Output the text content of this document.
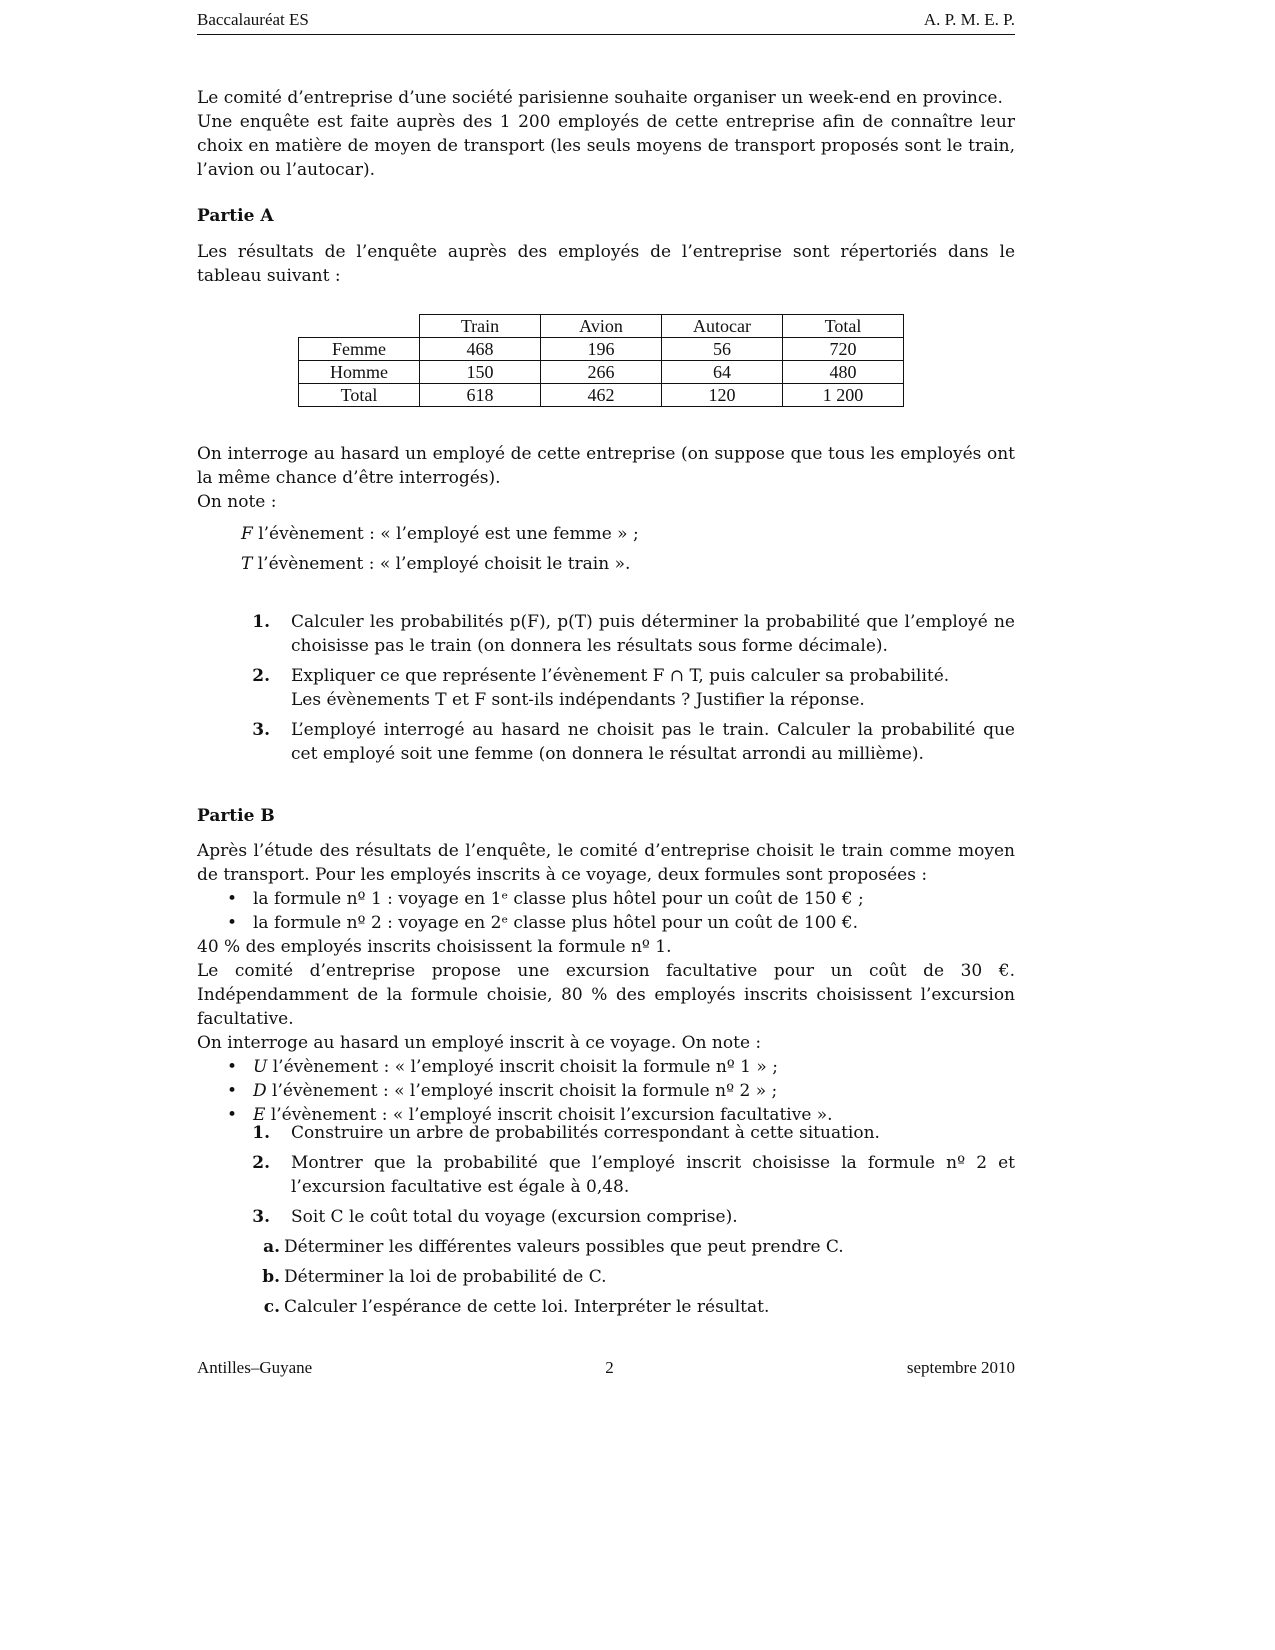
Baccalauréat ES	A. P. M. E. P.
Le comité d’entreprise d’une société parisienne souhaite organiser un week-end en province.
Une enquête est faite auprès des 1 200 employés de cette entreprise afin de connaître leur choix en matière de moyen de transport (les seuls moyens de transport proposés sont le train, l’avion ou l’autocar).
Partie A
Les résultats de l’enquête auprès des employés de l’entreprise sont répertoriés dans le tableau suivant :
	Train	Avion	Autocar	Total
Femme	468	196	56	720
Homme	150	266	64	480
Total	618	462	120	1 200
On interroge au hasard un employé de cette entreprise (on suppose que tous les employés ont la même chance d’être interrogés).
On note :
F l’évènement : « l’employé est une femme » ;
T l’évènement : « l’employé choisit le train ».
1.	Calculer les probabilités p(F), p(T) puis déterminer la probabilité que l’employé ne choisisse pas le train (on donnera les résultats sous forme décimale).
2.	Expliquer ce que représente l’évènement F ∩ T, puis calculer sa probabilité.
Les évènements T et F sont-ils indépendants ? Justifier la réponse.
3.	L’employé interrogé au hasard ne choisit pas le train. Calculer la probabilité que cet employé soit une femme (on donnera le résultat arrondi au millième).
Partie B
Après l’étude des résultats de l’enquête, le comité d’entreprise choisit le train comme moyen de transport. Pour les employés inscrits à ce voyage, deux formules sont proposées :
• la formule nº 1 : voyage en 1ᵉ classe plus hôtel pour un coût de 150 € ;
• la formule nº 2 : voyage en 2ᵉ classe plus hôtel pour un coût de 100 €.
40 % des employés inscrits choisissent la formule nº 1.
Le comité d’entreprise propose une excursion facultative pour un coût de 30 €. Indépendamment de la formule choisie, 80 % des employés inscrits choisissent l’excursion facultative.
On interroge au hasard un employé inscrit à ce voyage. On note :
• U l’évènement : « l’employé inscrit choisit la formule nº 1 » ;
• D l’évènement : « l’employé inscrit choisit la formule nº 2 » ;
• E l’évènement : « l’employé inscrit choisit l’excursion facultative ».
1.	Construire un arbre de probabilités correspondant à cette situation.
2.	Montrer que la probabilité que l’employé inscrit choisisse la formule nº 2 et l’excursion facultative est égale à 0,48.
3.	Soit C le coût total du voyage (excursion comprise).
a. Déterminer les différentes valeurs possibles que peut prendre C.
b. Déterminer la loi de probabilité de C.
c. Calculer l’espérance de cette loi. Interpréter le résultat.
Antilles–Guyane	2	septembre 2010
